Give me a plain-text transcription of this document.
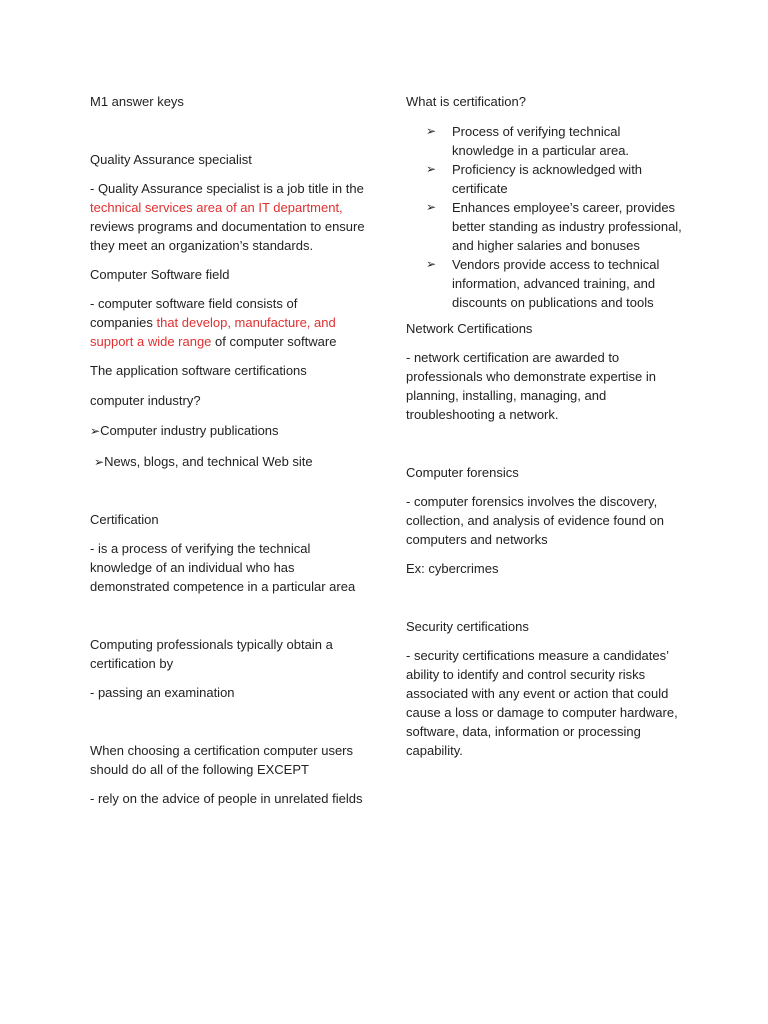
M1 answer keys

Quality Assurance specialist

- Quality Assurance specialist is a job title in the

technical services area of an IT department,

reviews programs and documentation to ensure

they meet an organization’s standards.

Computer Software field

- computer software field consists of

companies that develop, manufacture, and

support a wide range of computer software

The application software certifications

computer industry?

➢Computer industry publications

➢News, blogs, and technical Web site

Certification

- is a process of verifying the technical

knowledge of an individual who has

demonstrated competence in a particular area

Computing professionals typically obtain a

certification by

- passing an examination

When choosing a certification computer users

should do all of the following EXCEPT

- rely on the advice of people in unrelated fields

What is certification?

➢ Process of verifying technical
knowledge in a particular area.
➢ Proficiency is acknowledged with
certificate
➢ Enhances employee’s career, provides
better standing as industry professional,
and higher salaries and bonuses
➢ Vendors provide access to technical
information, advanced training, and
discounts on publications and tools

Network Certifications

- network certification are awarded to

professionals who demonstrate expertise in

planning, installing, managing, and

troubleshooting a network.

Computer forensics

- computer forensics involves the discovery,

collection, and analysis of evidence found on

computers and networks

Ex: cybercrimes

Security certifications

- security certifications measure a candidates’

ability to identify and control security risks

associated with any event or action that could

cause a loss or damage to computer hardware,

software, data, information or processing

capability.
